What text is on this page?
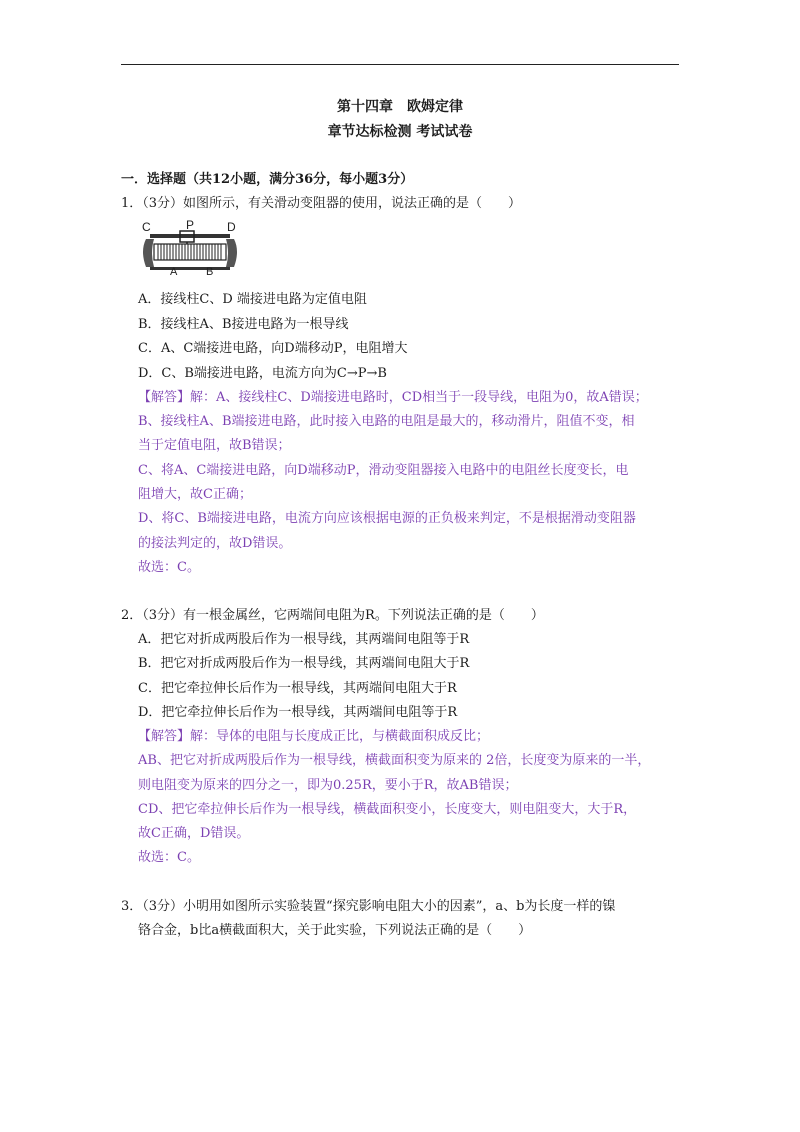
第十四章　欧姆定律
章节达标检测 考试试卷
一．选择题（共12小题，满分36分，每小题3分）
1．（3分）如图所示，有关滑动变阻器的使用，说法正确的是（　　）
C	P	D
A	B
A．接线柱C、D 端接进电路为定值电阻
B．接线柱A、B接进电路为一根导线
C．A、C端接进电路，向D端移动P，电阻增大
D．C、B端接进电路，电流方向为C→P→B
【解答】解：A、接线柱C、D端接进电路时，CD相当于一段导线，电阻为0，故A错误；
B、接线柱A、B端接进电路，此时接入电路的电阻是最大的，移动滑片，阻值不变，相
当于定值电阻，故B错误；
C、将A、C端接进电路，向D端移动P，滑动变阻器接入电路中的电阻丝长度变长，电
阻增大，故C正确；
D、将C、B端接进电路，电流方向应该根据电源的正负极来判定，不是根据滑动变阻器
的接法判定的，故D错误。
故选：C。
2．（3分）有一根金属丝，它两端间电阻为R。下列说法正确的是（　　）
A．把它对折成两股后作为一根导线，其两端间电阻等于R
B．把它对折成两股后作为一根导线，其两端间电阻大于R
C．把它牵拉伸长后作为一根导线，其两端间电阻大于R
D．把它牵拉伸长后作为一根导线，其两端间电阻等于R
【解答】解：导体的电阻与长度成正比，与横截面积成反比；
AB、把它对折成两股后作为一根导线，横截面积变为原来的 2倍，长度变为原来的一半，
则电阻变为原来的四分之一，即为0.25R，要小于R，故AB错误；
CD、把它牵拉伸长后作为一根导线，横截面积变小，长度变大，则电阻变大，大于R，
故C正确，D错误。
故选：C。
3．（3分）小明用如图所示实验装置“探究影响电阻大小的因素”，a、b为长度一样的镍
铬合金，b比a横截面积大，关于此实验，下列说法正确的是（　　）
